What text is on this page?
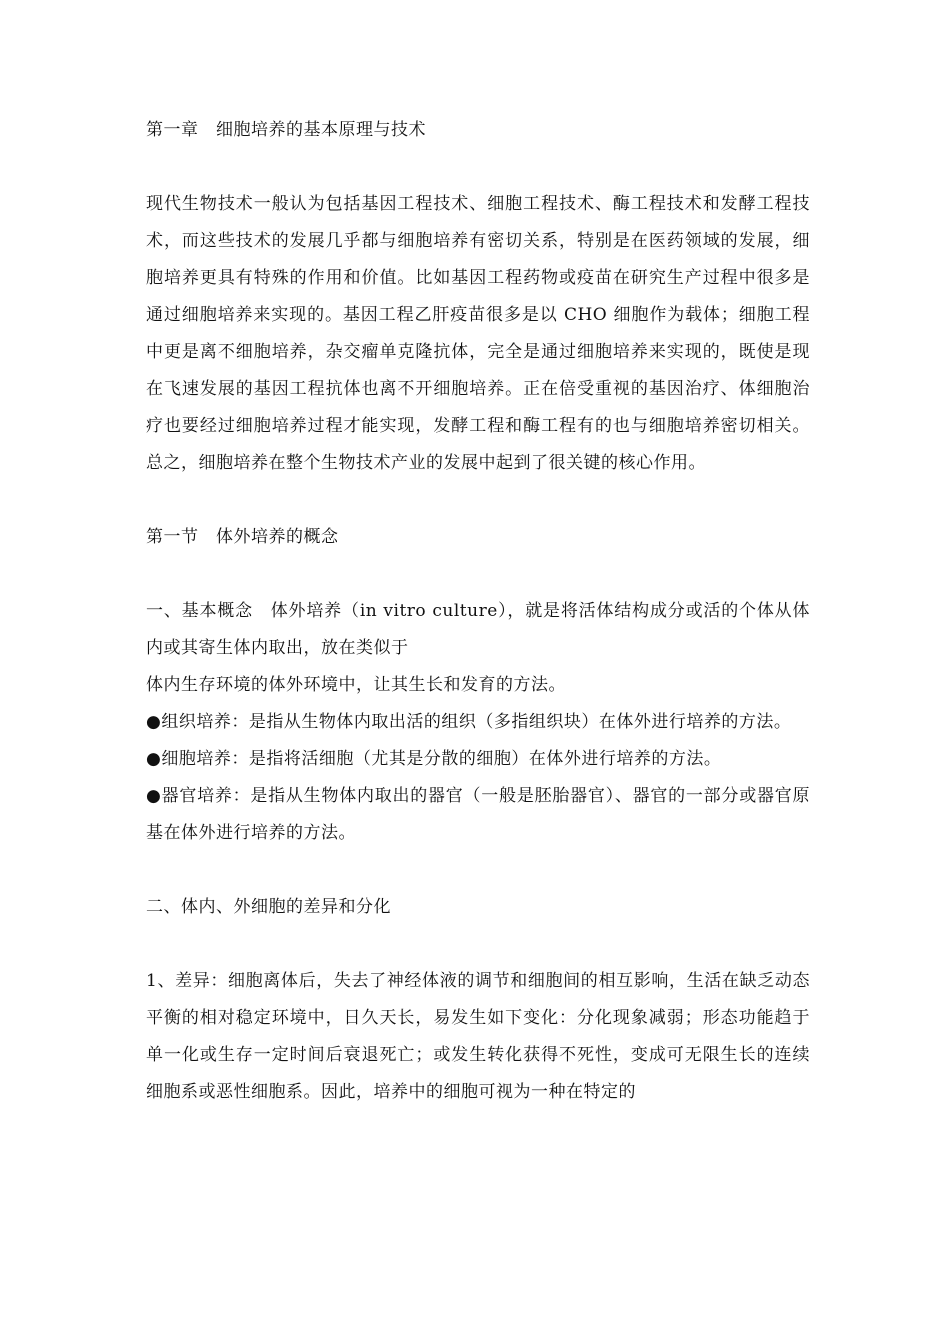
第一章　细胞培养的基本原理与技术

现代生物技术一般认为包括基因工程技术、细胞工程技术、酶工程技术和发酵工程技术，而这些技术的发展几乎都与细胞培养有密切关系，特别是在医药领域的发展，细胞培养更具有特殊的作用和价值。比如基因工程药物或疫苗在研究生产过程中很多是通过细胞培养来实现的。基因工程乙肝疫苗很多是以 CHO 细胞作为载体；细胞工程中更是离不细胞培养，杂交瘤单克隆抗体，完全是通过细胞培养来实现的，既使是现在飞速发展的基因工程抗体也离不开细胞培养。正在倍受重视的基因治疗、体细胞治疗也要经过细胞培养过程才能实现，发酵工程和酶工程有的也与细胞培养密切相关。总之，细胞培养在整个生物技术产业的发展中起到了很关键的核心作用。

第一节　体外培养的概念

一、基本概念　体外培养（in vitro culture），就是将活体结构成分或活的个体从体内或其寄生体内取出，放在类似于

体内生存环境的体外环境中，让其生长和发育的方法。

●组织培养：是指从生物体内取出活的组织（多指组织块）在体外进行培养的方法。

●细胞培养：是指将活细胞（尤其是分散的细胞）在体外进行培养的方法。

●器官培养：是指从生物体内取出的器官（一般是胚胎器官）、器官的一部分或器官原基在体外进行培养的方法。

二、体内、外细胞的差异和分化

1、差异：细胞离体后，失去了神经体液的调节和细胞间的相互影响，生活在缺乏动态平衡的相对稳定环境中，日久天长，易发生如下变化：分化现象减弱；形态功能趋于单一化或生存一定时间后衰退死亡；或发生转化获得不死性，变成可无限生长的连续细胞系或恶性细胞系。因此，培养中的细胞可视为一种在特定的
